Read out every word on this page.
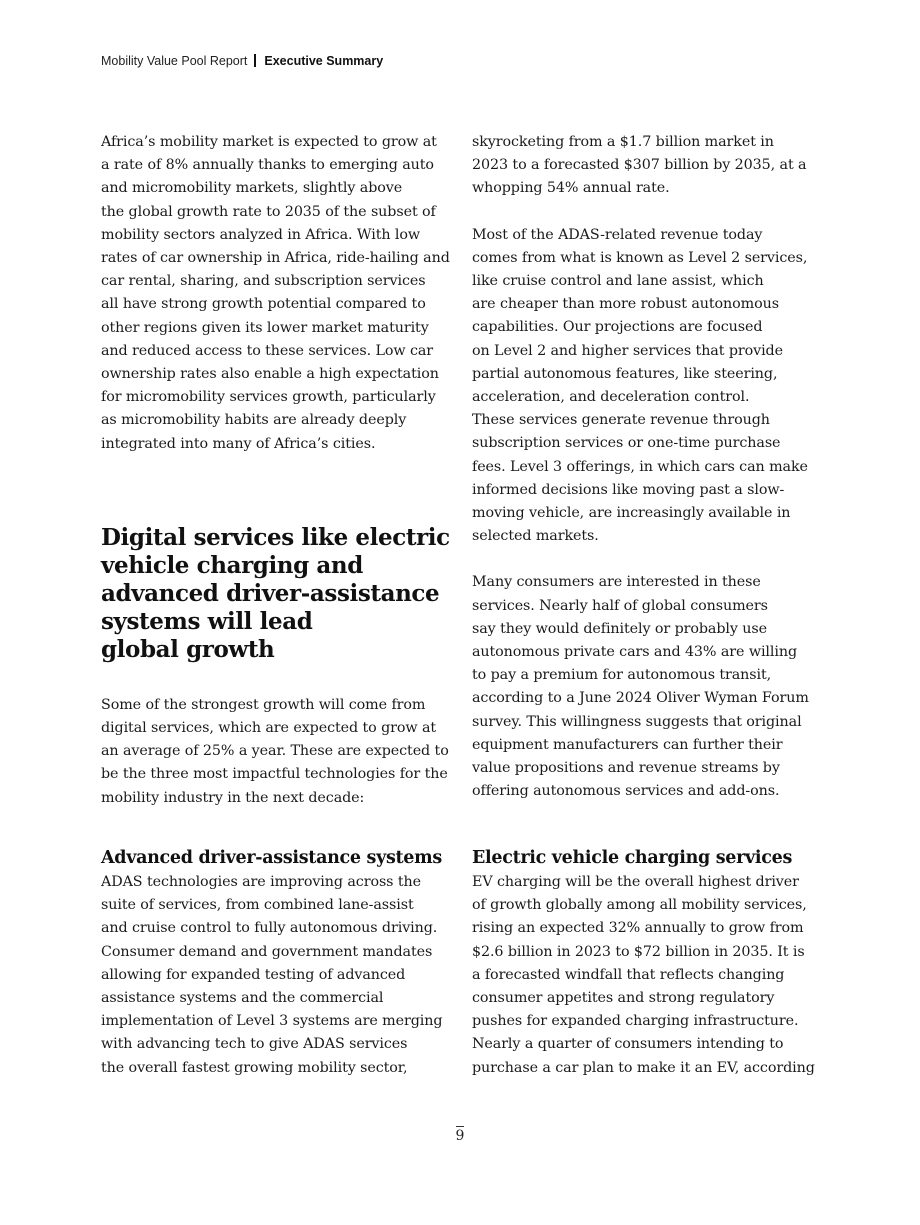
Mobility Value Pool Report Executive Summary

Africa’s mobility market is expected to grow at
a rate of 8% annually thanks to emerging auto
and micromobility markets, slightly above
the global growth rate to 2035 of the subset of
mobility sectors analyzed in Africa. With low
rates of car ownership in Africa, ride-hailing and
car rental, sharing, and subscription services
all have strong growth potential compared to
other regions given its lower market maturity
and reduced access to these services. Low car
ownership rates also enable a high expectation
for micromobility services growth, particularly
as micromobility habits are already deeply
integrated into many of Africa’s cities.

Digital services like electric
vehicle charging and
advanced driver-assistance
systems will lead
global growth

Some of the strongest growth will come from
digital services, which are expected to grow at
an average of 25% a year. These are expected to
be the three most impactful technologies for the
mobility industry in the next decade:

skyrocketing from a $1.7 billion market in
2023 to a forecasted $307 billion by 2035, at a
whopping 54% annual rate.

Most of the ADAS-related revenue today
comes from what is known as Level 2 services,
like cruise control and lane assist, which
are cheaper than more robust autonomous
capabilities. Our projections are focused
on Level 2 and higher services that provide
partial autonomous features, like steering,
acceleration, and deceleration control.
These services generate revenue through
subscription services or one-time purchase
fees. Level 3 offerings, in which cars can make
informed decisions like moving past a slow-
moving vehicle, are increasingly available in
selected markets.

Many consumers are interested in these
services. Nearly half of global consumers
say they would definitely or probably use
autonomous private cars and 43% are willing
to pay a premium for autonomous transit,
according to a June 2024 Oliver Wyman Forum
survey. This willingness suggests that original
equipment manufacturers can further their
value propositions and revenue streams by
offering autonomous services and add-ons.

Advanced driver-assistance systems

ADAS technologies are improving across the
suite of services, from combined lane-assist
and cruise control to fully autonomous driving.
Consumer demand and government mandates
allowing for expanded testing of advanced
assistance systems and the commercial
implementation of Level 3 systems are merging
with advancing tech to give ADAS services
the overall fastest growing mobility sector,

Electric vehicle charging services

EV charging will be the overall highest driver
of growth globally among all mobility services,
rising an expected 32% annually to grow from
$2.6 billion in 2023 to $72 billion in 2035. It is
a forecasted windfall that reflects changing
consumer appetites and strong regulatory
pushes for expanded charging infrastructure.
Nearly a quarter of consumers intending to
purchase a car plan to make it an EV, according

9
